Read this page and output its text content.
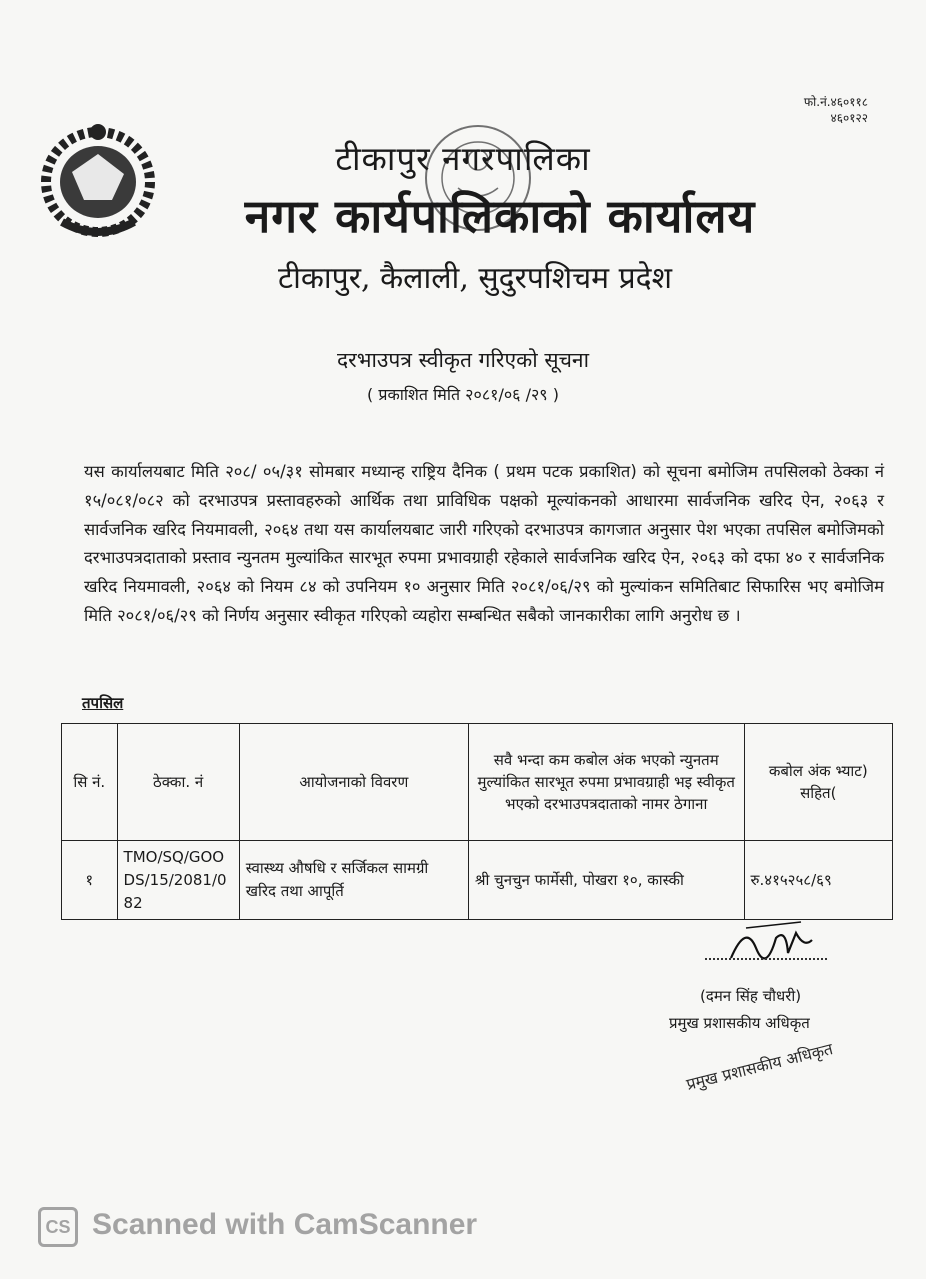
फो.नं.४६०११८
४६०१२२
टीकापुर नगरपालिका
नगर कार्यपालिकाको कार्यालय
टीकापुर, कैलाली, सुदुरपशिचम प्रदेश
दरभाउपत्र स्वीकृत गरिएको सूचना
( प्रकाशित मिति २०८१/०६ /२९ )
यस कार्यालयबाट मिति २०८/ ०५/३१ सोमबार मध्यान्ह राष्ट्रिय दैनिक ( प्रथम पटक प्रकाशित) को सूचना बमोजिम तपसिलको ठेक्का नं १५/०८१/०८२ को दरभाउपत्र प्रस्तावहरुको आर्थिक तथा प्राविधिक पक्षको मूल्यांकनको आधारमा सार्वजनिक खरिद ऐन, २०६३ र सार्वजनिक खरिद नियमावली, २०६४ तथा यस कार्यालयबाट जारी गरिएको दरभाउपत्र कागजात अनुसार पेश भएका तपसिल बमोजिमको दरभाउपत्रदाताको प्रस्ताव न्युनतम मुल्यांकित सारभूत रुपमा प्रभावग्राही रहेकाले सार्वजनिक खरिद ऐन, २०६३ को दफा ४० र सार्वजनिक खरिद नियमावली, २०६४ को नियम ८४ को उपनियम १० अनुसार मिति २०८१/०६/२९ को मुल्यांकन समितिबाट सिफारिस भए बमोजिम मिति २०८१/०६/२९ को निर्णय अनुसार स्वीकृत गरिएको व्यहोरा सम्बन्धित सबैको जानकारीका लागि अनुरोध छ ।
तपसिल
सि नं.	ठेक्का. नं	आयोजनाको विवरण	सवै भन्दा कम कबोल अंक भएको न्युनतम मुल्यांकित सारभूत रुपमा प्रभावग्राही भइ स्वीकृत भएको दरभाउपत्रदाताको नामर ठेगाना	कबोल अंक भ्याट) सहित(
१	TMO/SQ/GOODS/15/2081/082	स्वास्थ्य औषधि र सर्जिकल सामग्री खरिद तथा आपूर्ति	श्री चुनचुन फार्मेसी, पोखरा १०, कास्की	रु.४१५२५८/६९
(दमन सिंह चौधरी)
प्रमुख प्रशासकीय अधिकृत
प्रमुख प्रशासकीय अधिकृत
CS Scanned with CamScanner
